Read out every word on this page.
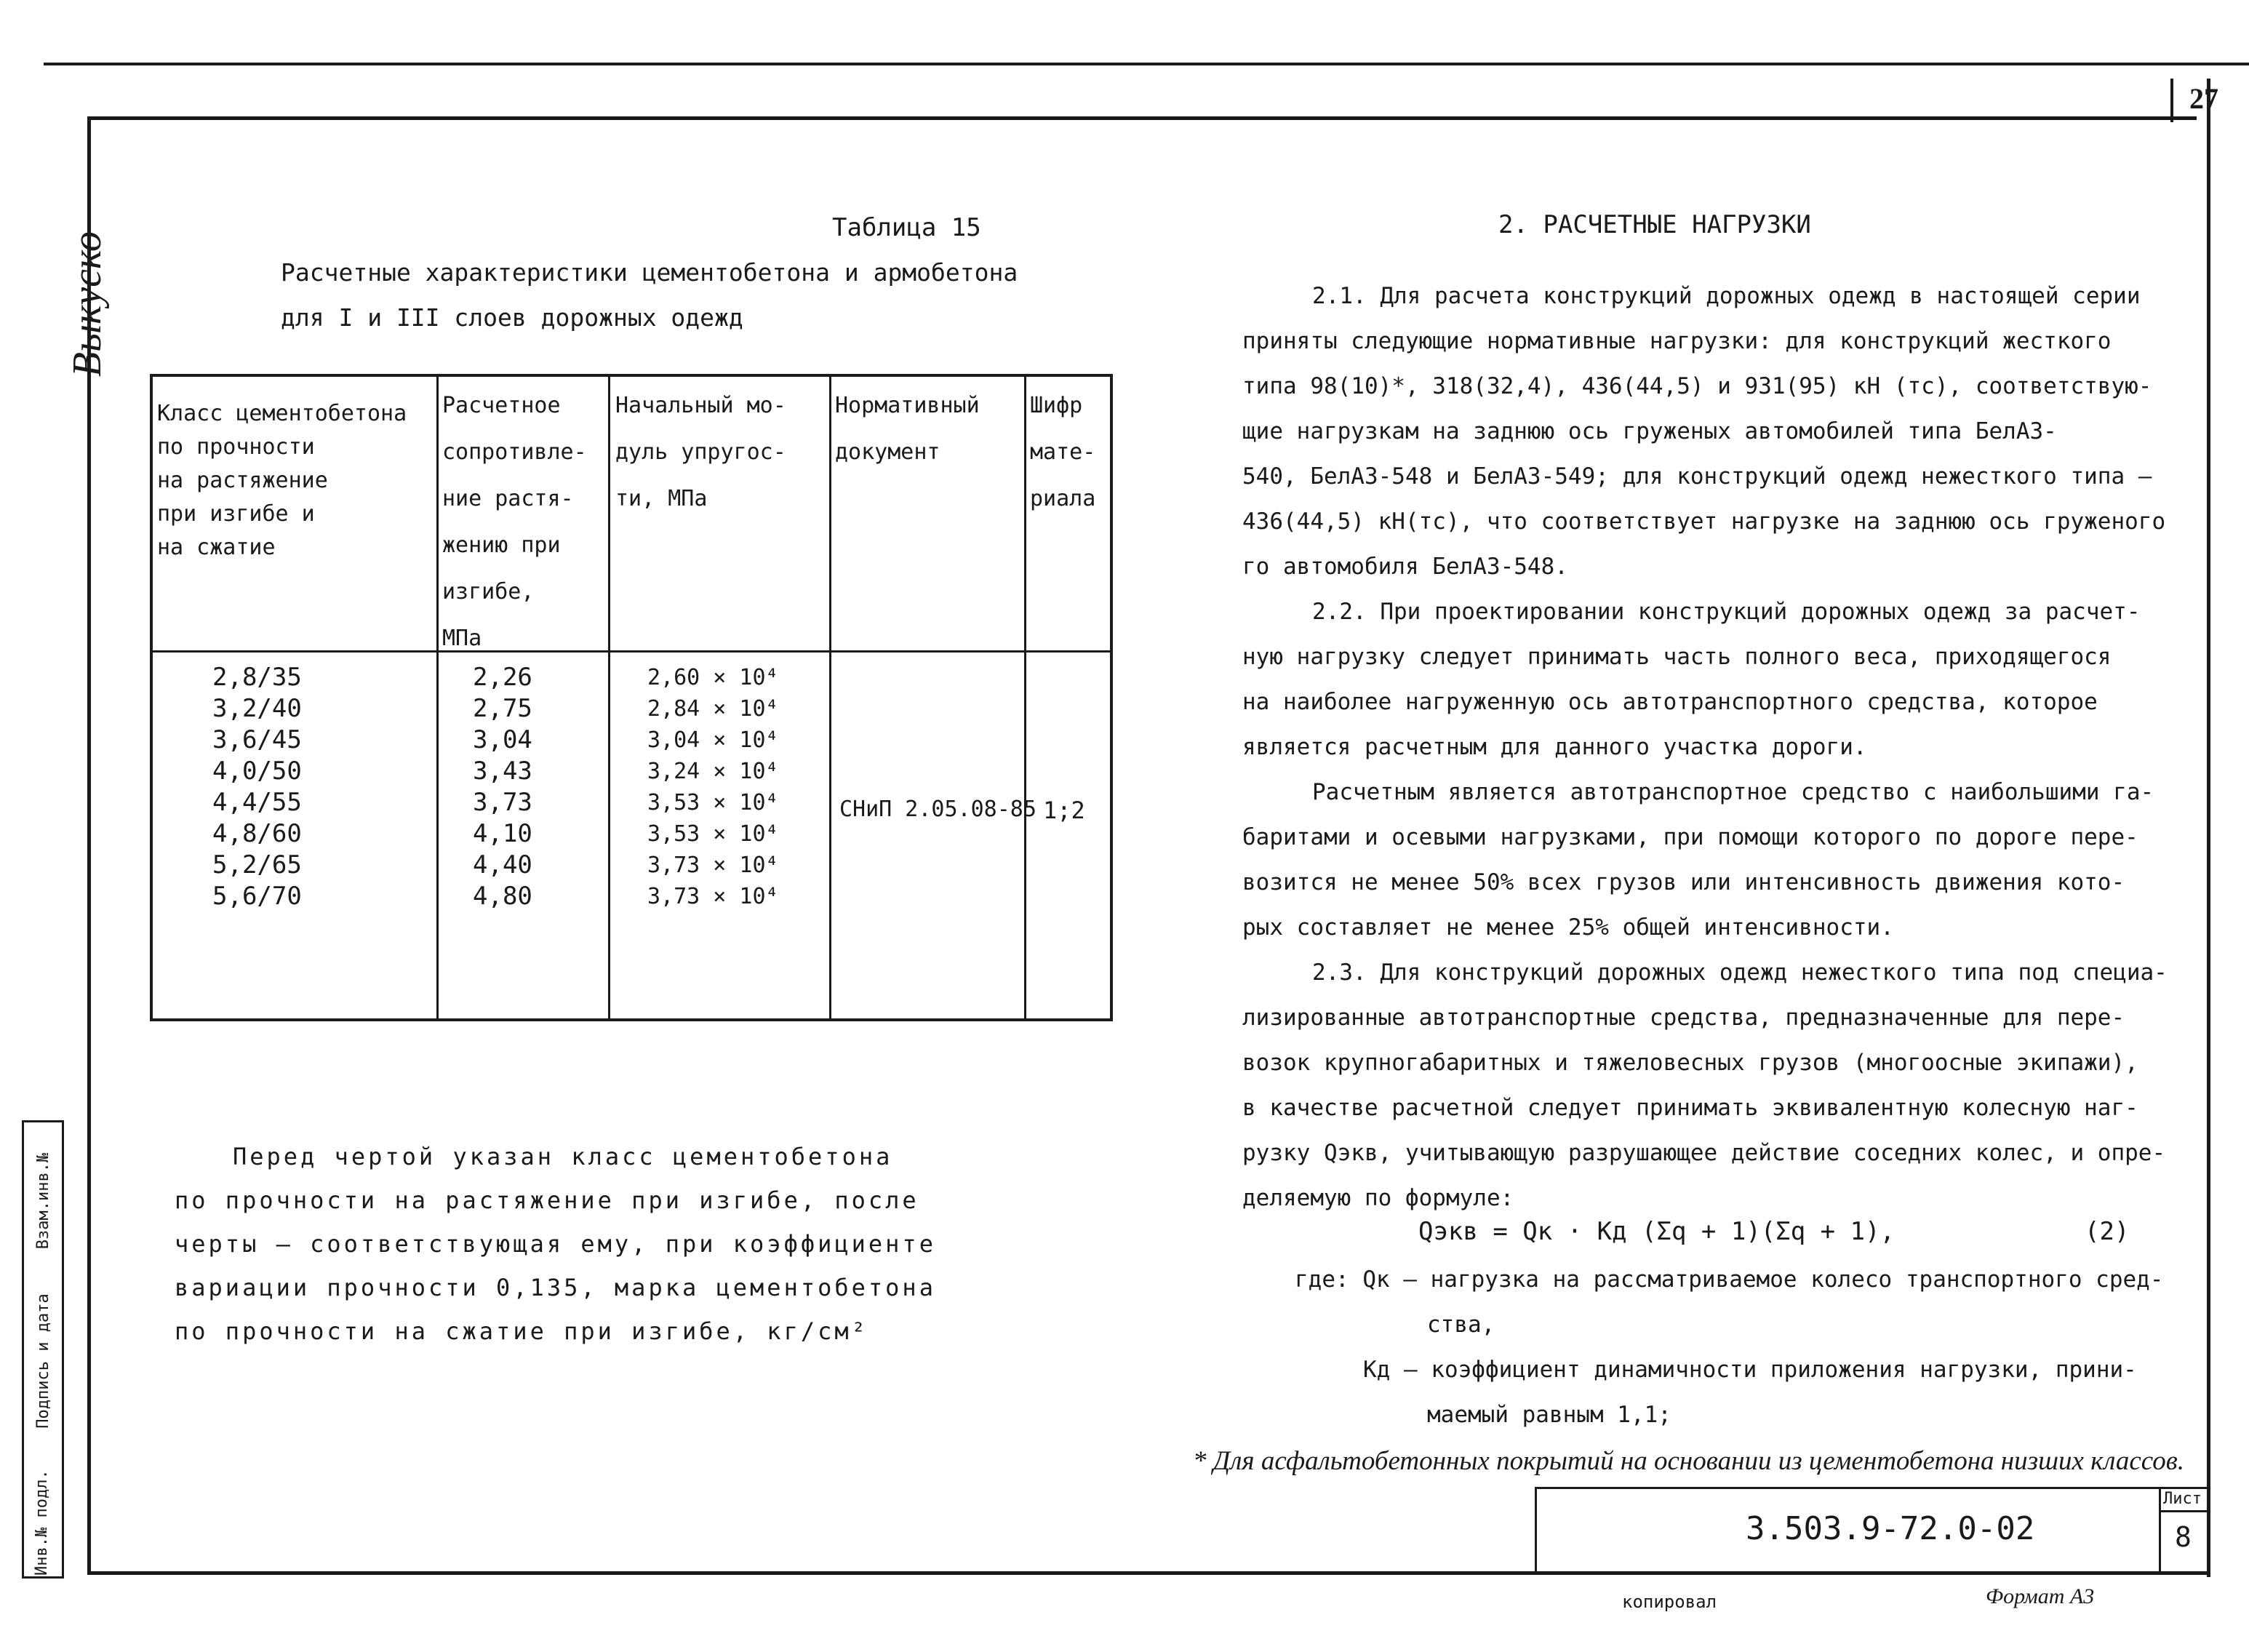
27
Выкуско
Инв.№ подл.
Подпись и дата
Взам.инв.№
Таблица 15
Расчетные характеристики цементобетона и армобетона
для I и III слоев дорожных одежд
Класс цементобетона
по прочности
на растяжение
при изгибе и
на сжатие
Расчетное
сопротивле-
ние растя-
жению при
изгибе,
МПа
Начальный мо-
дуль упругос-
ти, МПа
Нормативный
документ
Шифр
мате-
риала
2,8/35
3,2/40
3,6/45
4,0/50
4,4/55
4,8/60
5,2/65
5,6/70
2,26
2,75
3,04
3,43
3,73
4,10
4,40
4,80
2,60 × 10⁴
2,84 × 10⁴
3,04 × 10⁴
3,24 × 10⁴
3,53 × 10⁴
3,53 × 10⁴
3,73 × 10⁴
3,73 × 10⁴
СНиП 2.05.08-85 1;2
Перед чертой указан класс цементобетона
по прочности на растяжение при изгибе, после
черты – соответствующая ему, при коэффициенте
вариации прочности 0,135, марка цементобетона
по прочности на сжатие при изгибе, кг/см²
2. РАСЧЕТНЫЕ НАГРУЗКИ
2.1. Для расчета конструкций дорожных одежд в настоящей серии
приняты следующие нормативные нагрузки: для конструкций жесткого
типа 98(10)*, 318(32,4), 436(44,5) и 931(95) кН (тс), соответствую-
щие нагрузкам на заднюю ось груженых автомобилей типа БелАЗ-
540, БелАЗ-548 и БелАЗ-549; для конструкций одежд нежесткого типа –
436(44,5) кН(тс), что соответствует нагрузке на заднюю ось груженого
го автомобиля БелАЗ-548.
2.2. При проектировании конструкций дорожных одежд за расчет-
ную нагрузку следует принимать часть полного веса, приходящегося
на наиболее нагруженную ось автотранспортного средства, которое
является расчетным для данного участка дороги.
Расчетным является автотранспортное средство с наибольшими га-
баритами и осевыми нагрузками, при помощи которого по дороге пере-
возится не менее 50% всех грузов или интенсивность движения кото-
рых составляет не менее 25% общей интенсивности.
2.3. Для конструкций дорожных одежд нежесткого типа под специа-
лизированные автотранспортные средства, предназначенные для пере-
возок крупногабаритных и тяжеловесных грузов (многоосные экипажи),
в качестве расчетной следует принимать эквивалентную колесную наг-
рузку Qэкв, учитывающую разрушающее действие соседних колес, и опре-
деляемую по формуле:
Qэкв = Qк · Кд (Σq + 1)(Σq + 1),	(2)
где: Qк – нагрузка на рассматриваемое колесо транспортного сред-
ства,
Кд – коэффициент динамичности приложения нагрузки, прини-
маемый равным 1,1;
* Для асфальтобетонных покрытий на основании из цементобетона низших классов.
3.503.9-72.0-02
Лист
8
копировал	Формат А3
